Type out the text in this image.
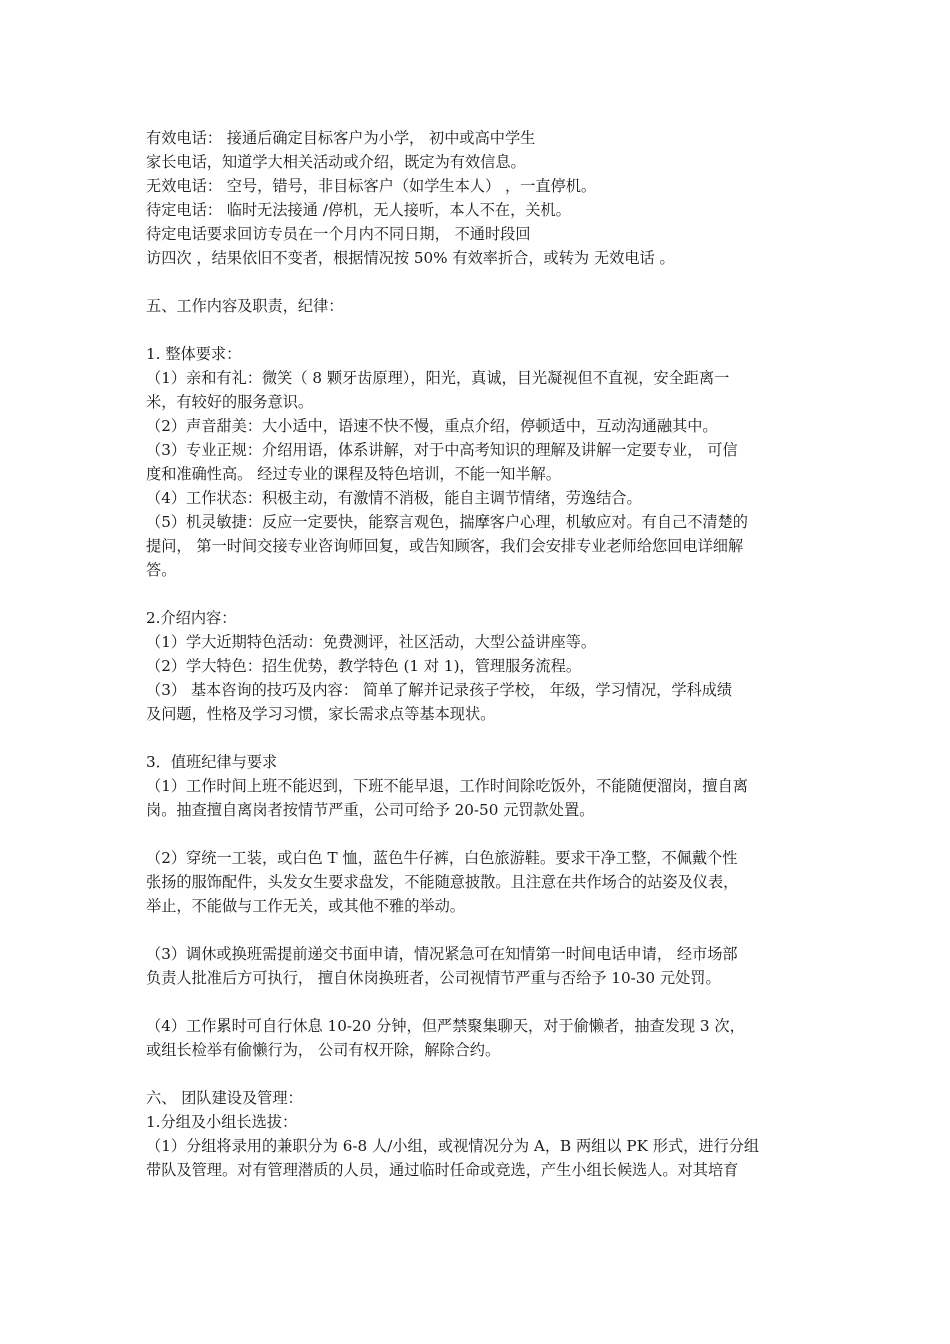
有效电话： 接通后确定目标客户为小学， 初中或高中学生
家长电话，知道学大相关活动或介绍，既定为有效信息。
无效电话： 空号，错号，非目标客户（如学生本人） ，一直停机。
待定电话： 临时无法接通 /停机，无人接听，本人不在，关机。
待定电话要求回访专员在一个月内不同日期， 不通时段回
访四次 ，结果依旧不变者，根据情况按 50% 有效率折合，或转为 无效电话 。
五、工作内容及职责，纪律：
1. 整体要求：
（1）亲和有礼：微笑（ 8 颗牙齿原理），阳光，真诚，目光凝视但不直视，安全距离一
米，有较好的服务意识。
（2）声音甜美：大小适中，语速不快不慢，重点介绍，停顿适中，互动沟通融其中。
（3）专业正规：介绍用语，体系讲解，对于中高考知识的理解及讲解一定要专业， 可信
度和准确性高。 经过专业的课程及特色培训，不能一知半解。
（4）工作状态：积极主动，有激情不消极，能自主调节情绪，劳逸结合。
（5）机灵敏捷：反应一定要快，能察言观色，揣摩客户心理，机敏应对。有自己不清楚的
提问， 第一时间交接专业咨询师回复，或告知顾客，我们会安排专业老师给您回电详细解
答。
2.介绍内容：
（1）学大近期特色活动：免费测评，社区活动，大型公益讲座等。
（2）学大特色：招生优势，教学特色 (1 对 1)，管理服务流程。
（3） 基本咨询的技巧及内容： 简单了解并记录孩子学校， 年级，学习情况，学科成绩
及问题，性格及学习习惯，家长需求点等基本现状。
3．值班纪律与要求
（1）工作时间上班不能迟到，下班不能早退，工作时间除吃饭外，不能随便溜岗，擅自离
岗。抽查擅自离岗者按情节严重，公司可给予 20-50 元罚款处置。
（2）穿统一工装，或白色 T 恤，蓝色牛仔裤，白色旅游鞋。要求干净工整，不佩戴个性
张扬的服饰配件，头发女生要求盘发，不能随意披散。且注意在共作场合的站姿及仪表，
举止，不能做与工作无关，或其他不雅的举动。
（3）调休或换班需提前递交书面申请，情况紧急可在知情第一时间电话申请， 经市场部
负责人批准后方可执行， 擅自休岗换班者，公司视情节严重与否给予 10-30 元处罚。
（4）工作累时可自行休息 10-20 分钟，但严禁聚集聊天，对于偷懒者，抽查发现 3 次，
或组长检举有偷懒行为， 公司有权开除，解除合约。
六、 团队建设及管理：
1.分组及小组长选拔：
（1）分组将录用的兼职分为 6-8 人/小组，或视情况分为 A，B 两组以 PK 形式，进行分组
带队及管理。对有管理潜质的人员，通过临时任命或竞选，产生小组长候选人。对其培育
